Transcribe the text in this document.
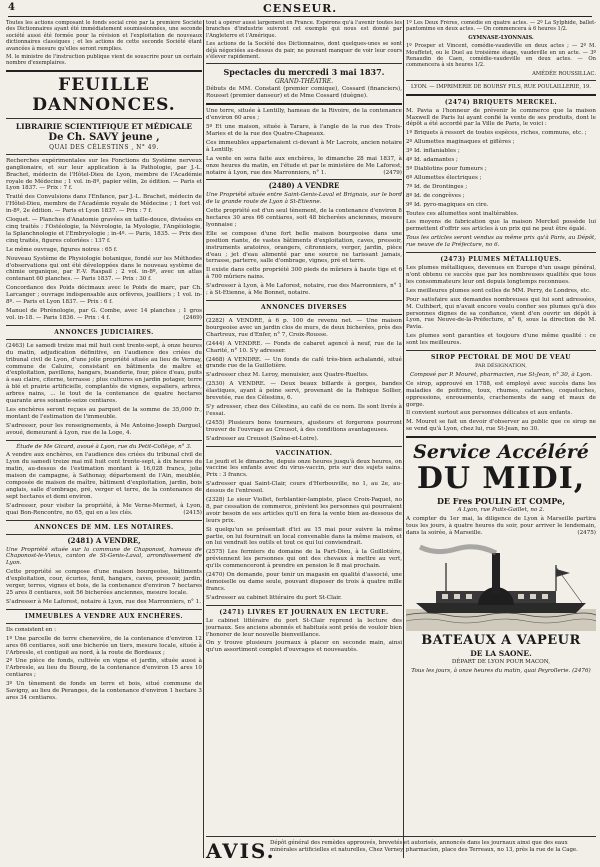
4	CENSEUR.

Toutes les actions composant le fonds social créé par la première Société des Dictionnaires ayant été immédiatement soumissionnées, une seconde société aussi été formée pour la révision et l'exploitation de nouveaux dictionnaires classiques ; et les actions de cette seconde Société étant avancées à mesure qu'elles seront remplies.

M. le ministre de l'instruction publique vient de souscrire pour un certain nombre d'exemplaires.

FEUILLE DANNONCES.
LIBRAIRIE SCIENTIFIQUE ET MÉDICALE
De Ch. SAVY jeune ,
QUAI DES CÉLESTINS , N° 49.

Recherches expérimentales sur les Fonctions du Système nerveux ganglionaire, et sur leur application à la Pathologie, par J.-L. Brachet, médecin de l'Hôtel-Dieu de Lyon, membre de l'Académie royale de Médecine ; 1 vol. in-8º, papier vélin, 2e édition. — Paris et Lyon 1837. — Prix : 7 f.

Traité des Convulsions dans l'Enfance, par J.-L. Brachet, médecin de l'Hôtel-Dieu, membre de l'Académie royale de Médecine ; 1 fort vol. in-8º, 2e édition. — Paris et Lyon 1837. — Prix : 7 f.

Cloquet. — Planches d'Anatomie gravées en taille-douce, divisées en cinq traités : l'Ostéologie, la Névrologie, la Myologie, l'Angéiologie, la Splanchnologie et l'Embryologie ; in-4º. — Paris, 1835. — Prix des cinq traités, figures coloriées : 137 f.

Le même ouvrage, figures noires : 65 f.

Nouveau Système de Physiologie botanique, fondé sur les Méthodes d'observations qui ont été développées dans le nouveau système de chimie organique, par F.-V. Raspail ; 2 vol. in-8º, avec un atlas contenant 60 planches. — Paris 1837. — Prix : 30 f.

Concordance des Poids décimaux avec le Poids de marc, par Ch. Larcanger ; ouvrage indispensable aux orfèvres, joailliers ; 1 vol. in-8º. — Paris et Lyon 1837. — Prix : 6 f.

Manuel de Phrénologie, par G. Combe, avec 14 planches ; 1 gros vol. in-18. — Paris 1836. — Prix : 4 f.	(2469)

ANNONCES JUDICIAIRES.

(2463) Le samedi treize mai mil huit cent trente-sept, à onze heures du matin, adjudication définitive, en l'audience des criées du tribunal civil de Lyon, d'une jolie propriété située au lieu de Vernay, commune de Caluire, consistant en bâtiments de maître et d'exploitation, pavillons, hangars, buanderie, four, pièce d'eau, puits à eau claire, citerne, terrasse ; plus cultures en jardin potager, terre à blé et prairie artificielle, complantés de vignes, espaliers, arbres, arbres nains, ... le tout de la contenance de quatre hectares quarante ares soixante-seize centiares.

Les enchères seront reçues au parquet de la somme de 35,000 fr., montant de l'estimation de l'immeuble.

S'adresser, pour les renseignements, à Me Antoine-Joseph Darguel, avoué, demeurant à Lyon, rue de la Loge, 4.

Étude de Me Gicard, avoué à Lyon, rue du Petit-Collège, n° 3.

A vendre aux enchères, en l'audience des criées du tribunal civil de Lyon du samedi treize mai mil huit cent trente-sept, à dix heures du matin, au-dessus de l'estimation montant à 16,028 francs, jolie maison de campagne, à Sathonay, département de l'Ain, meublée, composée de maison de maître, bâtiment d'exploitation, jardin, bois anglais, salle d'ombrage, pré, verger et terre, de la contenance de sept hectares et demi environ.

S'adresser, pour visiter la propriété, à Me Verne-Mermet, à Lyon, quai Bon-Rencontre, no 65, qui en a les clés.	(2415)

ANNONCES DE MM. LES NOTAIRES.

(2481) A VENDRE,

Une Propriété située sur la commune de Chaponost, hameau de Chaponost-le-Vieux, canton de St-Genis-Laval, arrondissement de Lyon.

Cette propriété se compose d'une maison bourgeoise, bâtiments d'exploitation, cour, écuries, fenil, hangars, caves, pressoir, jardin, verger, terres, vignes et bois, de la contenance d'environ 7 hectares 25 ares 8 centiares, soit 56 bicherées anciennes, mesure locale.

S'adresser à Me Laforest, notaire à Lyon, rue des Marronniers, n° 1.

IMMEUBLES A VENDRE AUX ENCHÈRES.

Ils consistent en :

1º Une parcelle de terre chenevière, de la contenance d'environ 12 ares 66 centiares, soit une bicherée un tiers, mesure locale, située à l'Arbresle, et contiguë au nord, à la route de Bordeaux ;

2º Une pièce de fonds, cultivée en vigne et jardin, située aussi à l'Arbresle, au lieu du Bourg, de la contenance d'environ 15 ares 10 centiares ;

3º Un tènement de fonds en terre et bois, situé commune de Savigny, au lieu de Peranges, de la contenance d'environ 1 hectare 3 ares 34 centiares.

tout à opérer aussi largement en France. Espérons qu'à l'avenir toutes les branches d'industrie suivront cet exemple qui nous est donné par l'Angleterre et l'Amérique.

Les actions de la Société des Dictionnaires, dont quelques-unes se sont déjà négociées au-dessus du pair, ne pouvant manquer de voir leur cours s'élever rapidement.

Spectacles du mercredi 3 mai 1837.
GRAND-THÉATRE.

Débuts de MM. Constant (premier comique), Cossard (financiers), Rousset (premier danseur) et de Mme Cossard (duègne).

Une terre, située à Lentilly, hameau de la Rivoire, de la contenance d'environ 60 ares ;

5º Et une maison, située à Tarare, à l'angle de la rue des Trois-Maries et de la rue des Quatre-Chapeaux.

Ces immeubles appartenaient ci-devant à Mr Lacroix, ancien notaire à Lentilly.

La vente en sera faite aux enchères, le dimanche 28 mai 1837, à onze heures du matin, en l'étude et par le ministère de Me Laforest, notaire à Lyon, rue des Marronniers, n° 1.	(2479)

(2480) A VENDRE

Une Propriété située entre Saint-Genis-Laval et Brignais, sur le bord de la grande route de Lyon à St-Etienne.

Cette propriété est d'un seul tènement, de la contenance d'environ 8 hectares 30 ares 66 centiares, soit 48 bicherées anciennes, mesure lyonnaise ;

Elle se compose d'une fort belle maison bourgeoise dans une position riante, de vastes bâtiments d'exploitation, caves, pressoir, instruments aratoires, orangers, citronniers, verger, jardin, pièce d'eau ; jet d'eau alimenté par une source ne tarissant jamais, terrasse, parterre, salle d'ombrage, vignes, pré et terre.

Il existe dans cette propriété 300 pieds de mûriers à haute tige et 6 à 700 mûriers nains.

S'adresser à Lyon, à Me Laforest, notaire, rue des Marronniers, n° 1 ; à St-Etienne, à Me Bonnet, notaire.

ANNONCES DIVERSES

(2282) A VENDRE, à 6 p. 100 de revenu net. — Une maison bourgeoise avec un jardin clos de murs, de deux bicherées, près des Chartreux, rue d'Enfer, n° 7, Croix-Rousse.

(2444) A VENDRE. — Fonds de cabaret agencé à neuf, rue de la Charité, n° 10. S'y adresser.

(2468) A VENDRE. — Un fonds de café très-bien achalandé, situé grande rue de la Guillotière.

S'adresser chez M. Leroy, menuisier, aux Quatre-Rueltes.

(2530) A VENDRE. — Deux beaux billards à gorges, bandes élastiques, ayant à peine servi, provenant de la Rebique Sollier, brevetée, rue des Célestins, 6.

S'y adresser, chez des Célestins, au café de ce nom. Ils sont livrés à l'essai.

(2455) Plusieurs bons tourneurs, ajusteurs et forgerons pourront trouver de l'ouvrage au Creusot, à des conditions avantageuses.

S'adresser au Creusot (Saône-et-Loire).

VACCINATION.

Le jeudi et le dimanche, depuis onze heures jusqu'à deux heures, on vaccine les enfants avec du virus-vaccin, pris sur des sujets sains. Prix : 3 francs.

S'adresser quai Saint-Clair, cours d'Herbouville, no 1, au 2e, au-dessus de l'entresol.

(2328) Le sieur Viollet, ferblantier-lampiste, place Croix-Paquet, no 8, par cessation de commerce, prévient les personnes qui pourraient avoir besoin de ses articles qu'il en fera la vente bien au-dessous de leurs prix.

Si quelqu'un se présentait d'ici au 15 mai pour suivre la même partie, on lui fournirait un local convenable dans la même maison, et on lui vendrait les outils et tout ce qui lui conviendrait.

(2575) Les fermiers du domaine de la Part-Dieu, à la Guillotière, préviennent les personnes qui ont des chevaux à mettre au vert, qu'ils commenceront à prendre en pension le 8 mai prochain.

(2470) On demande, pour tenir un magasin en qualité d'associé, une demoiselle ou dame seule, pouvant disposer de trois à quatre mille francs.

S'adresser au cabinet littéraire du port St-Clair.

(2471) LIVRES ET JOURNAUX EN LECTURE.

Le cabinet littéraire du port St-Clair reprend la lecture des journaux. Ses anciens abonnés et habitués sont priés de vouloir bien l'honorer de leur nouvelle bienveillance.

On y trouve plusieurs journaux à placer en seconde main, ainsi qu'un assortiment complet d'ouvrages et nouveautés.

1º Les Deux Frères, comédie en quatre actes. — 2º La Sylphide, ballet-pantomime en deux actes. — On commencera à 6 heures 1/2.

GYMNASE-LYONNAIS.

1º Prosper et Vincent, comédie-vaudeville en deux actes ; — 2º M. Mouffetet, ou le Duel au troisième étage, vaudeville en un acte. — 3º Renaudin de Caen, comédie-vaudeville en deux actes. — On commencera à six heures 1/2.

AMÉDÉE ROUSSILLAC.

LYON. — IMPRIMERIE DE BOURSY FILS, RUE POULAILLERIE, 19.

(2474) BRIQUETS MERCKEL.

M. Pavia a l'honneur de prévenir le commerce que la maison Maxwell de Paris lui ayant confié la vente de ses produits, dont le dépôt a été accordé par la Ville de Paris, le voici :

1º Briquets à ressort de toutes espèces, riches, communs, etc. ;

2º Allumettes maginaques et giflères ;

3º Id. inflaniables ;

4º Id. adamantes ;

5º Diablotins pour fumeurs ;

6º Allumettes électriques ;

7º Id. de Drontinges ;

8º Id. de congrèves ;

9º Id. pyro-magiques en cire.

Toutes ces allumettes sont inaltérables.

Les moyens de fabrication que la maison Merckel possède lui permettent d'offrir ses articles à un prix qui ne peut être égalé.

Tous les articles seront vendus au même prix qu'à Paris, au Dépôt, rue neuve de la Préfecture, no 6.

(2473) PLUMES MÉTALLIQUES.

Les plumes métalliques, devenues en Europe d'un usage général, n'ont obtenu ce succès que par les nombreuses qualités que tous les consommateurs leur ont depuis longtemps reconnues.

Les meilleures plumes sont celles de MM. Perry, de Londres, etc.

Pour satisfaire aux demandes nombreuses qui lui sont adressées, M. Cuthbert, qui n'avait encore voulu confier ses plumes qu'à des personnes dignes de sa confiance, vient d'en ouvrir un dépôt à Lyon, rue Neuve-de-la-Préfecture, n° 6, sous la direction de M. Pavia.

Les plumes sont garanties et toujours d'une même qualité : ce sont les meilleures.

SIROP PECTORAL DE MOU DE VEAU
PAR DÉSIGNATION,

Composé par P. Mouret, pharmacien, rue St-Jean, n° 30, à Lyon.

Ce sirop, approuvé en 1788, est employé avec succès dans les maladies de poitrine, toux, rhumes, catarrhes, coqueluches, oppressions, enrouements, crachements de sang et maux de gorge.

Il convient surtout aux personnes délicates et aux enfants.

M. Mouret se fait un devoir d'observer au public que ce sirop ne se vend qu'à Lyon, chez lui, rue St-Jean, no 30.

Service Accéléré
DU MIDI,
DE Fres POULIN ET COMPe,

A Lyon, rue Puits-Gaillet, no 2.

A compter du 1er mai, la diligence de Lyon à Marseille partira tous les jours, à quatre heures du soir, pour arriver le lendemain, dans la soirée, à Marseille.	(2475)

BATEAUX A VAPEUR
DE LA SAONE.
DÉPART DE LYON POUR MACON,

Tous les jours, à onze heures du matin, quai Peyrollerie. (2476)

AVIS.
Dépôt général des remèdes approuvés, brevetés et autorisés, annoncés dans les journaux ainsi que des eaux minérales artificielles et naturelles, Chez Verney, pharmacien, place des Terreaux, no 13, près la rue de la Cage.
